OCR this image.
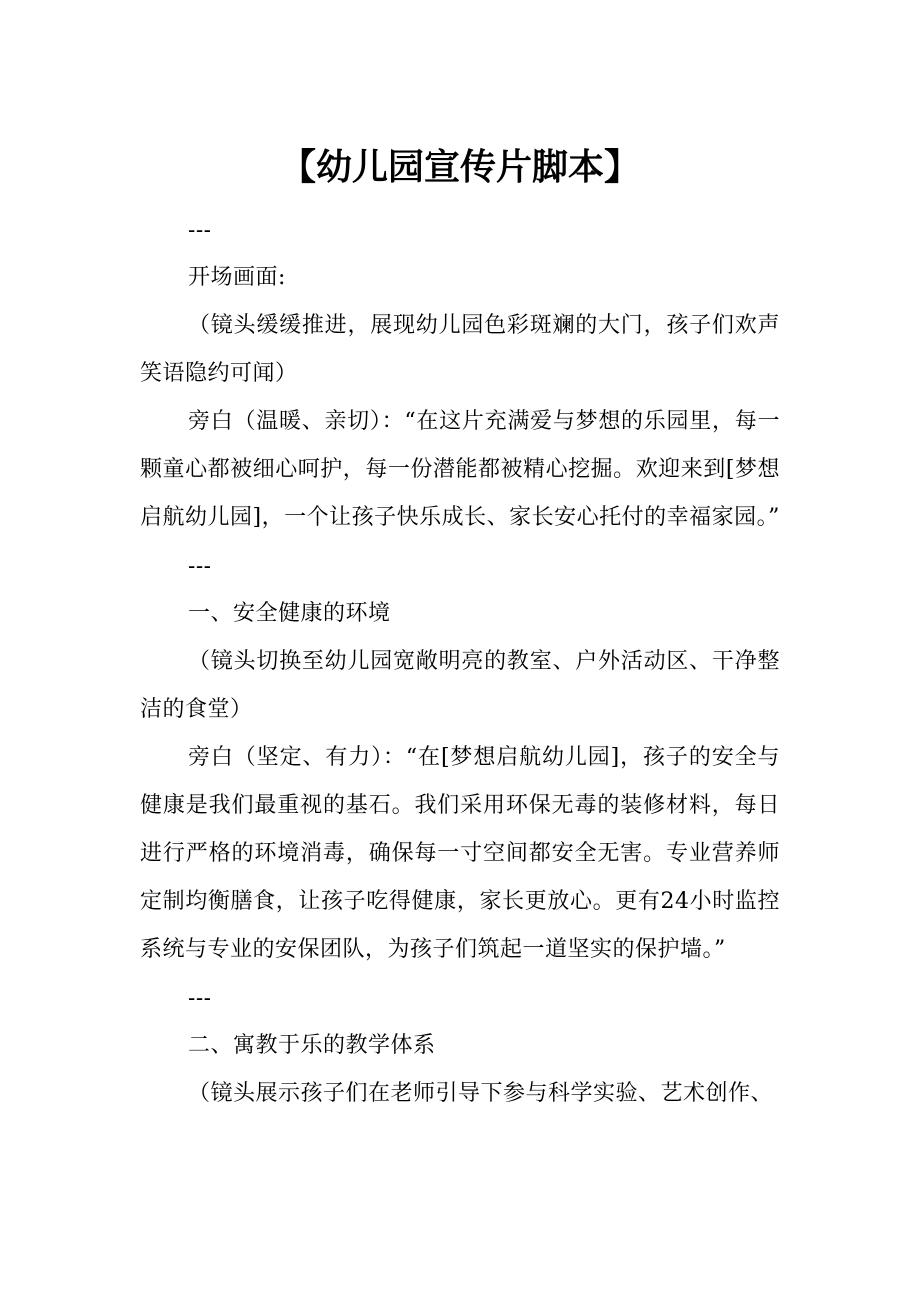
【幼儿园宣传片脚本】

---

开场画面:

（镜头缓缓推进，展现幼儿园色彩斑斓的大门，孩子们欢声笑语隐约可闻）

旁白（温暖、亲切）：“在这片充满爱与梦想的乐园里，每一颗童心都被细心呵护，每一份潜能都被精心挖掘。欢迎来到[梦想启航幼儿园]，一个让孩子快乐成长、家长安心托付的幸福家园。”

---

一、安全健康的环境

（镜头切换至幼儿园宽敞明亮的教室、户外活动区、干净整洁的食堂）

旁白（坚定、有力）：“在[梦想启航幼儿园]，孩子的安全与健康是我们最重视的基石。我们采用环保无毒的装修材料，每日进行严格的环境消毒，确保每一寸空间都安全无害。专业营养师定制均衡膳食，让孩子吃得健康，家长更放心。更有24小时监控系统与专业的安保团队，为孩子们筑起一道坚实的保护墙。”

---

二、寓教于乐的教学体系

（镜头展示孩子们在老师引导下参与科学实验、艺术创作、
